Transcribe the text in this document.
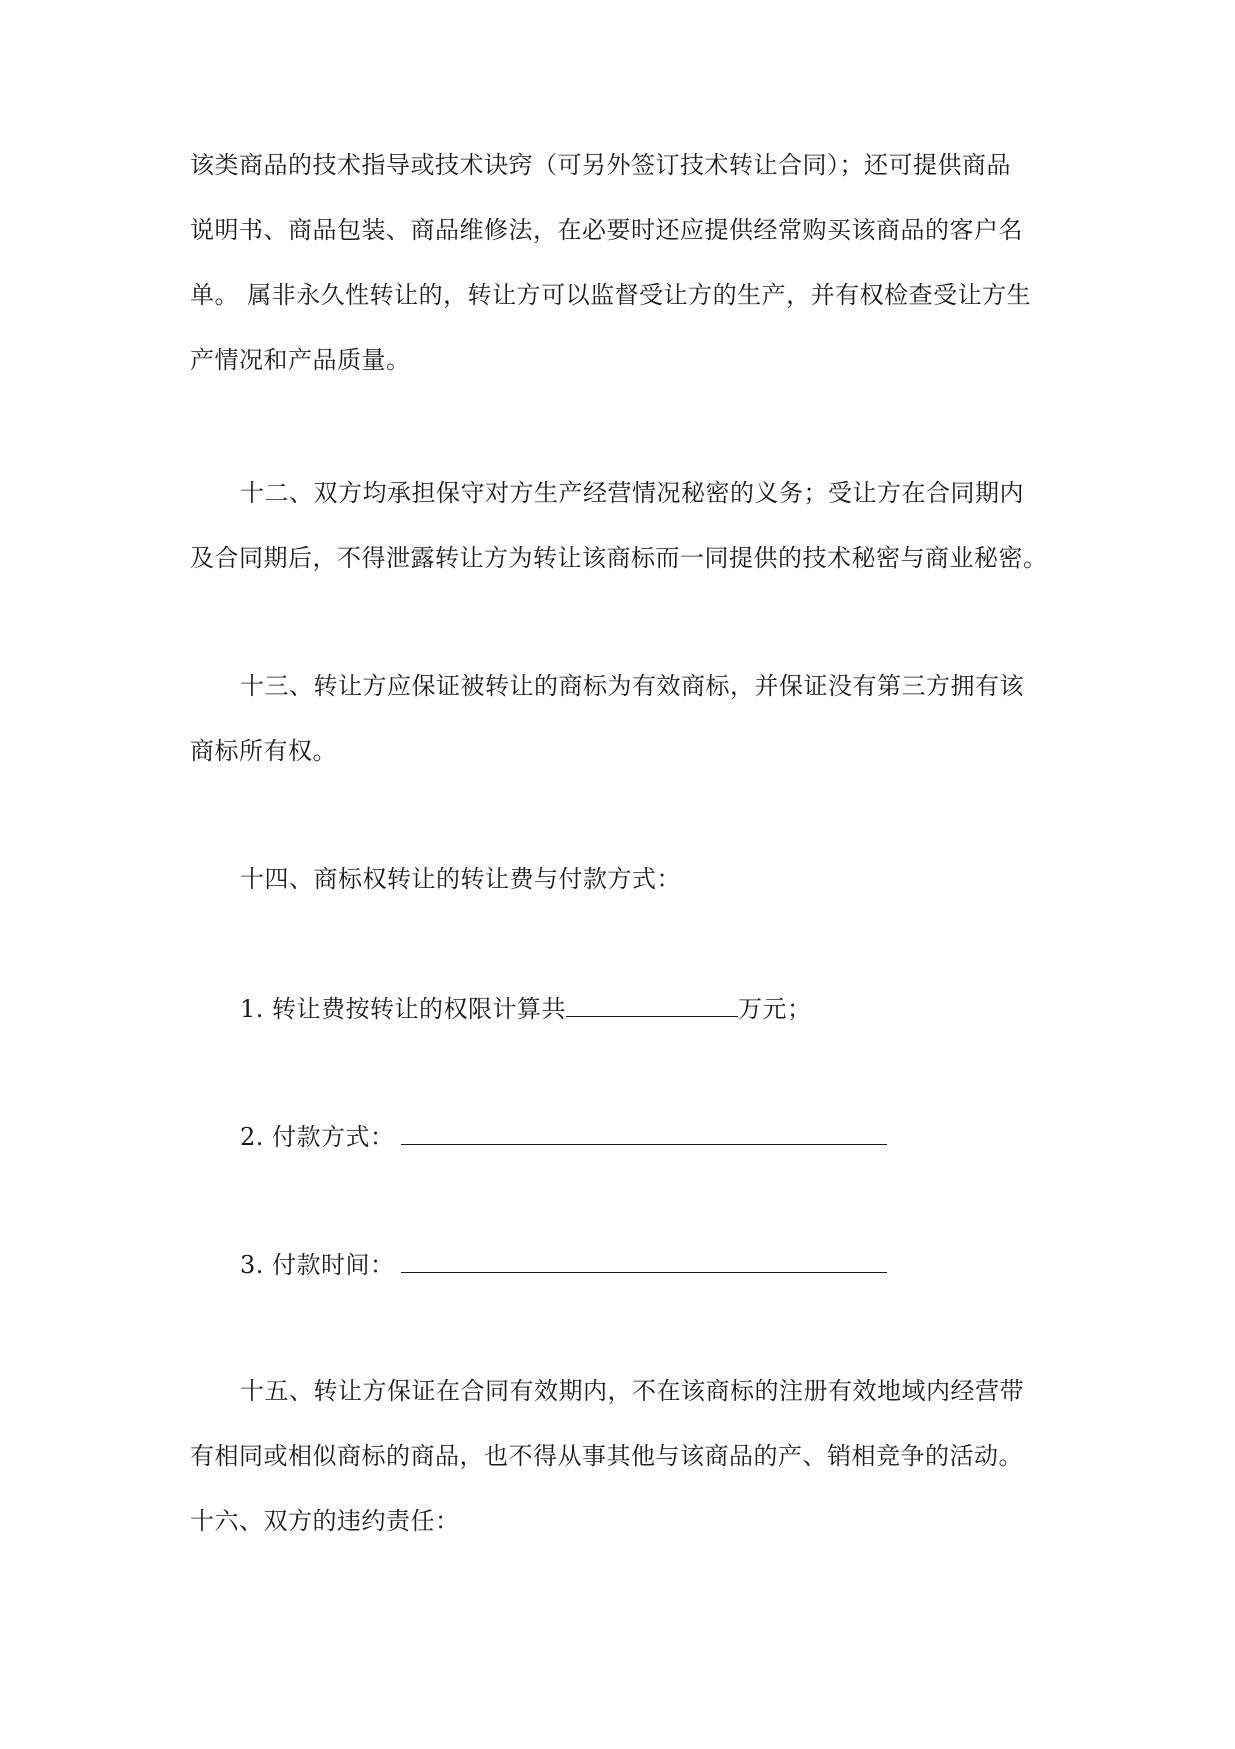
该类商品的技术指导或技术诀窍（可另外签订技术转让合同）；还可提供商品
说明书、商品包装、商品维修法，在必要时还应提供经常购买该商品的客户名
单。 属非永久性转让的，转让方可以监督受让方的生产，并有权检查受让方生
产情况和产品质量。
十二、双方均承担保守对方生产经营情况秘密的义务；受让方在合同期内
及合同期后，不得泄露转让方为转让该商标而一同提供的技术秘密与商业秘密。
十三、转让方应保证被转让的商标为有效商标，并保证没有第三方拥有该
商标所有权。
十四、商标权转让的转让费与付款方式：
1. 转让费按转让的权限计算共	万元；
2. 付款方式：
3. 付款时间：
十五、转让方保证在合同有效期内，不在该商标的注册有效地域内经营带
有相同或相似商标的商品，也不得从事其他与该商品的产、销相竞争的活动。
十六、双方的违约责任：
